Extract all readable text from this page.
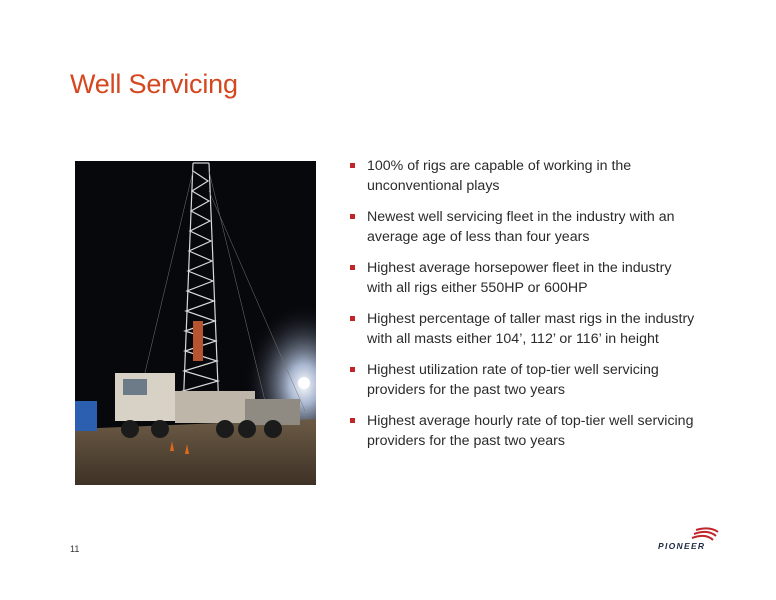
Well Servicing
100% of rigs are capable of working in the unconventional plays
Newest well servicing fleet in the industry with an average age of less than four years
Highest average horsepower fleet in the industry with all rigs either 550HP or 600HP
Highest percentage of taller mast rigs in the industry with all masts either 104’, 112’ or 116’ in height
Highest utilization rate of top-tier well servicing providers for the past two years
Highest average hourly rate of top-tier well servicing providers for the past two years
11	PIONEER
